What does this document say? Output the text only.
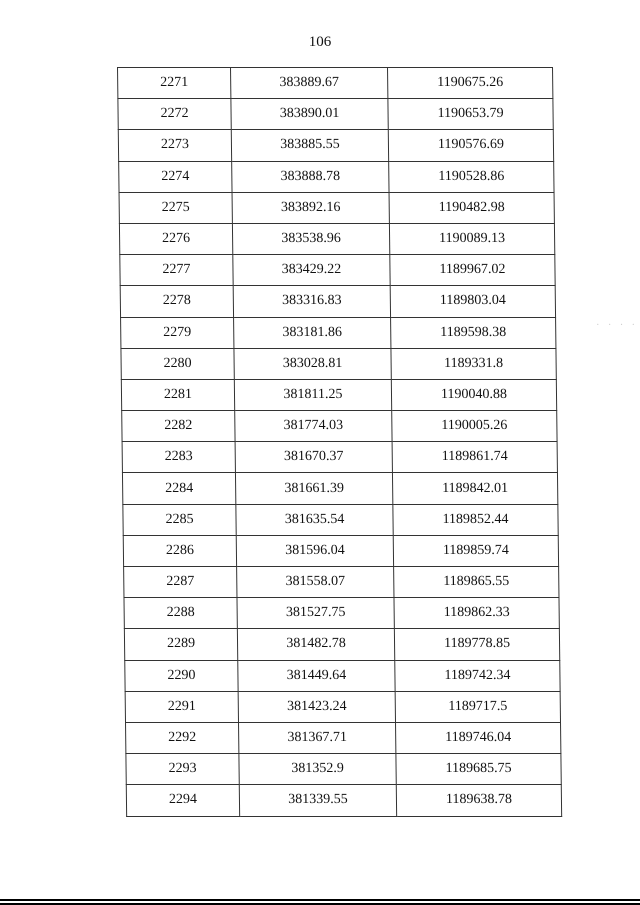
106
2271	383889.67	1190675.26
2272	383890.01	1190653.79
2273	383885.55	1190576.69
2274	383888.78	1190528.86
2275	383892.16	1190482.98
2276	383538.96	1190089.13
2277	383429.22	1189967.02
2278	383316.83	1189803.04
2279	383181.86	1189598.38
2280	383028.81	1189331.8
2281	381811.25	1190040.88
2282	381774.03	1190005.26
2283	381670.37	1189861.74
2284	381661.39	1189842.01
2285	381635.54	1189852.44
2286	381596.04	1189859.74
2287	381558.07	1189865.55
2288	381527.75	1189862.33
2289	381482.78	1189778.85
2290	381449.64	1189742.34
2291	381423.24	1189717.5
2292	381367.71	1189746.04
2293	381352.9	1189685.75
2294	381339.55	1189638.78
· · · ·
